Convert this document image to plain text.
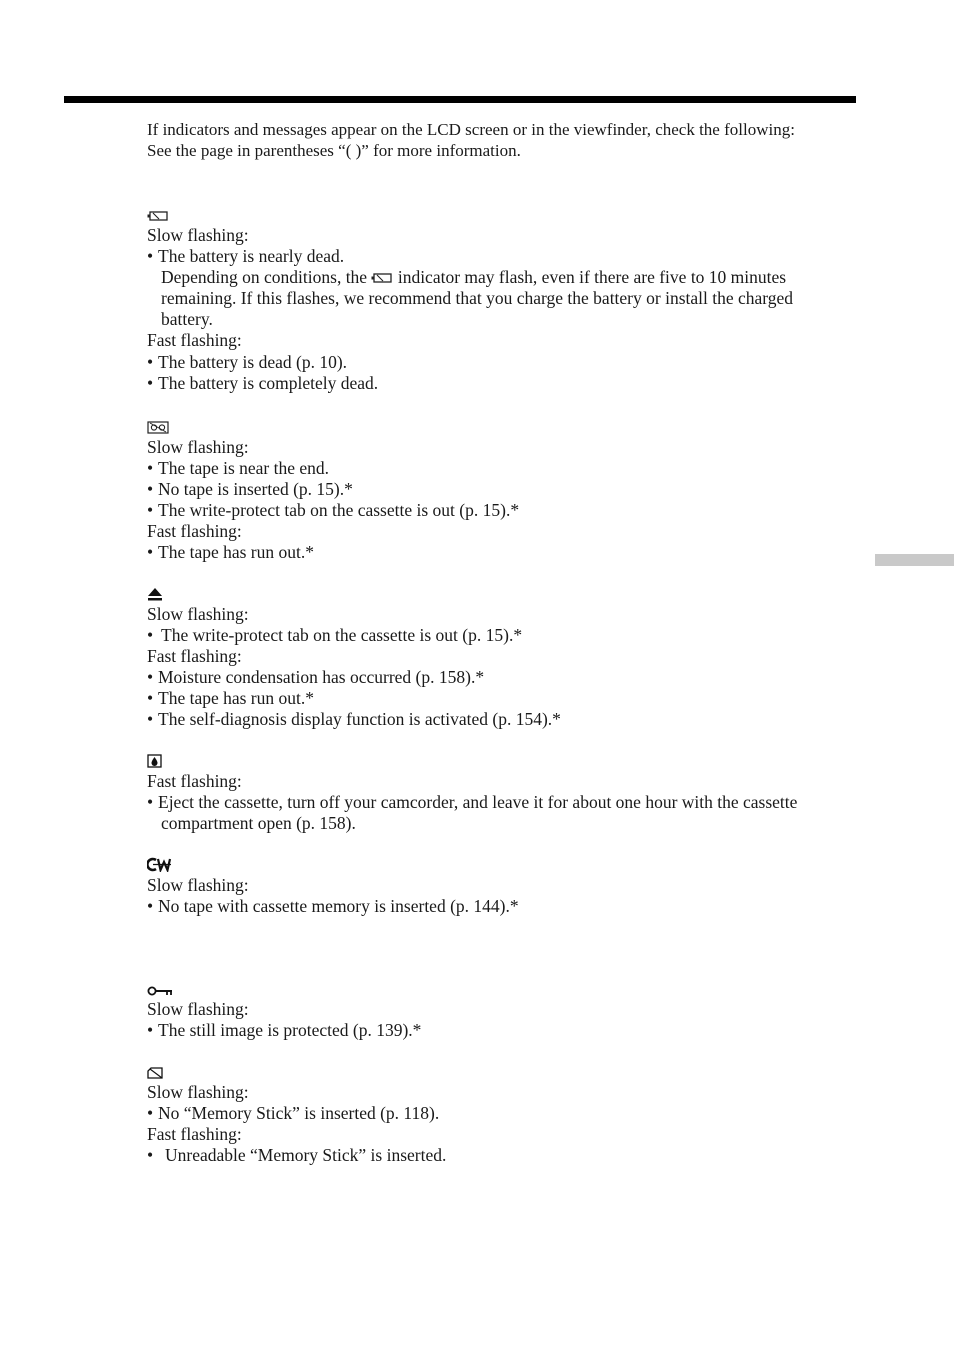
If indicators and messages appear on the LCD screen or in the viewfinder, check the following:
See the page in parentheses “( )” for more information.
Slow flashing:
• The battery is nearly dead.
Depending on conditions, the indicator may flash, even if there are five to 10 minutes remaining. If this flashes, we recommend that you charge the battery or install the charged battery.
Fast flashing:
• The battery is dead (p. 10).
• The battery is completely dead.
Slow flashing:
• The tape is near the end.
• No tape is inserted (p. 15).*
• The write-protect tab on the cassette is out (p. 15).*
Fast flashing:
• The tape has run out.*
Slow flashing:
• The write-protect tab on the cassette is out (p. 15).*
Fast flashing:
• Moisture condensation has occurred (p. 158).*
• The tape has run out.*
• The self-diagnosis display function is activated (p. 154).*
Fast flashing:
• Eject the cassette, turn off your camcorder, and leave it for about one hour with the cassette compartment open (p. 158).
Slow flashing:
• No tape with cassette memory is inserted (p. 144).*
Slow flashing:
• The still image is protected (p. 139).*
Slow flashing:
• No “Memory Stick” is inserted (p. 118).
Fast flashing:
• Unreadable “Memory Stick” is inserted.
